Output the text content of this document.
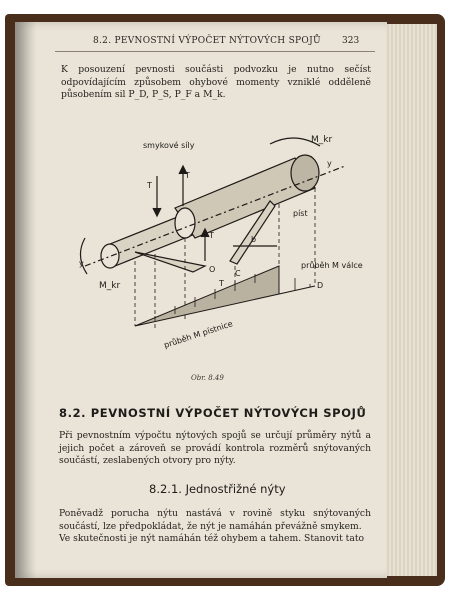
8.2. PEVNOSTNÍ VÝPOČET NÝTOVÝCH SPOJŮ 323
K posouzení pevnosti součásti podvozku je nutno sečíst odpovídajícím způsobem ohybové momenty vzniklé odděleně působením sil P_D, P_S, P_F a M_k.
smykové síly
T
T
T
T
M_kr
M_kr
y
y
píst
b
C
O
D
průběh M válce
průběh M pístnice
Obr. 8.49
8.2. PEVNOSTNÍ VÝPOČET NÝTOVÝCH SPOJŮ
Při pevnostním výpočtu nýtových spojů se určují průměry nýtů a jejich počet a zároveň se provádí kontrola rozměrů snýtovaných součástí, zeslabených otvory pro nýty.
8.2.1. Jednostřižné nýty
Poněvadž porucha nýtu nastává v rovině styku snýtovaných součástí, lze předpokládat, že nýt je namáhán převážně smykem.
Ve skutečnosti je nýt namáhán též ohybem a tahem. Stanovit tato
